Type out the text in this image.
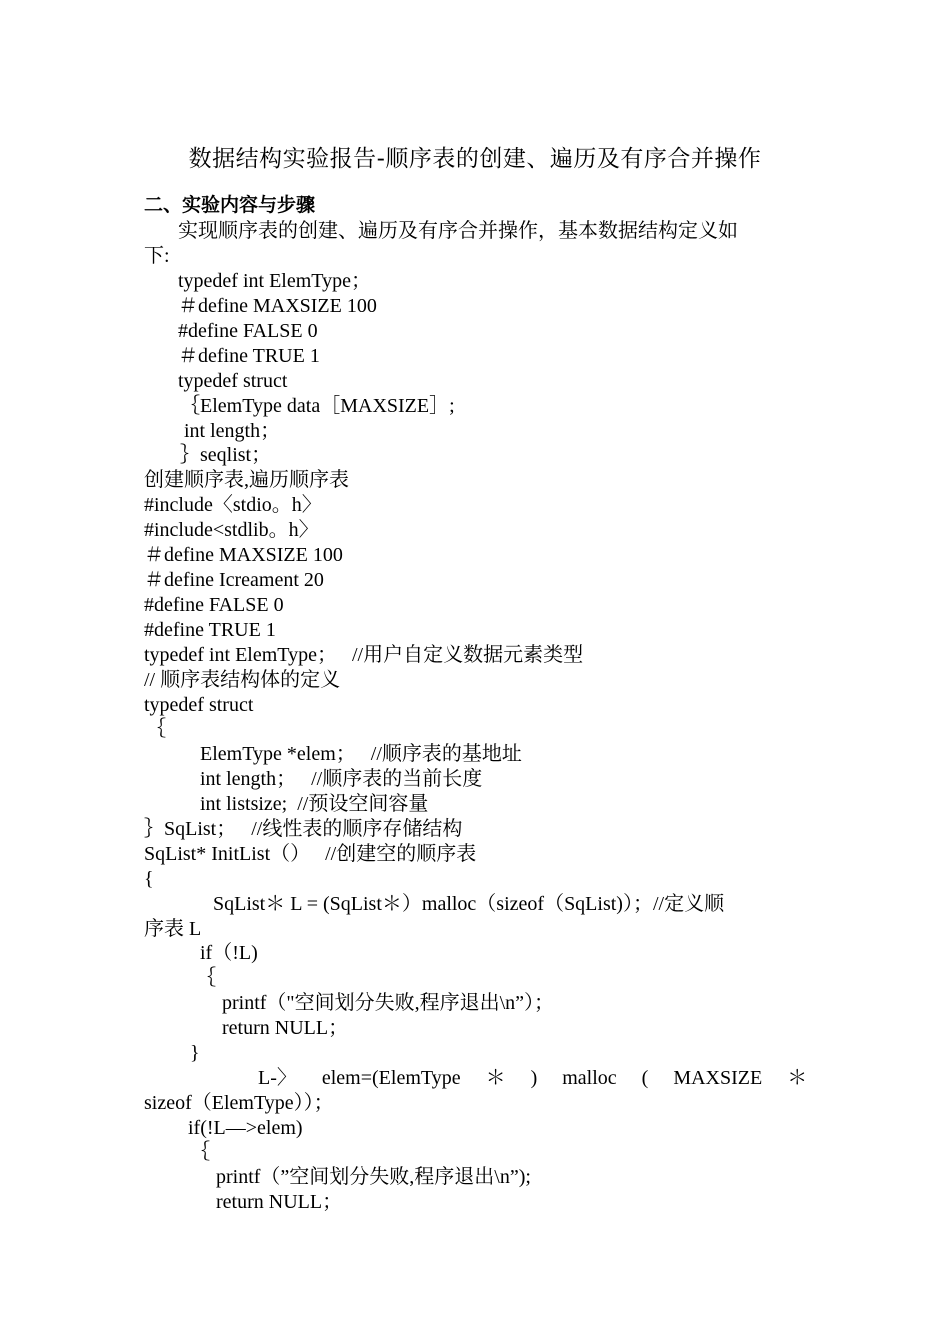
数据结构实验报告-顺序表的创建、遍历及有序合并操作
二、实验内容与步骤
实现顺序表的创建、遍历及有序合并操作，基本数据结构定义如
下:
typedef int ElemType；
＃define MAXSIZE 100
#define FALSE 0
＃define TRUE 1
typedef struct
｛ElemType data［MAXSIZE］;
int length；
｝seqlist；
创建顺序表,遍历顺序表
#include〈stdio。h〉
#include<stdlib。h〉
＃define MAXSIZE 100
＃define Icreament 20
#define FALSE 0
#define TRUE 1
typedef int ElemType；   //用户自定义数据元素类型
// 顺序表结构体的定义
typedef struct
｛
ElemType *elem；   //顺序表的基地址
int length；   //顺序表的当前长度
int listsize;  //预设空间容量
｝SqList；   //线性表的顺序存储结构
SqList* InitList（）   //创建空的顺序表
{
SqList＊ L = (SqList＊）malloc（sizeof（SqList)）；//定义顺
序表 L
if（!L)
｛
printf（"空间划分失败,程序退出\n”）；
return NULL；
}
L-〉 elem=(ElemType ＊ ) malloc ( MAXSIZE ＊
sizeof（ElemType））；
if(!L—>elem)
｛
printf（”空间划分失败,程序退出\n”);
return NULL；
